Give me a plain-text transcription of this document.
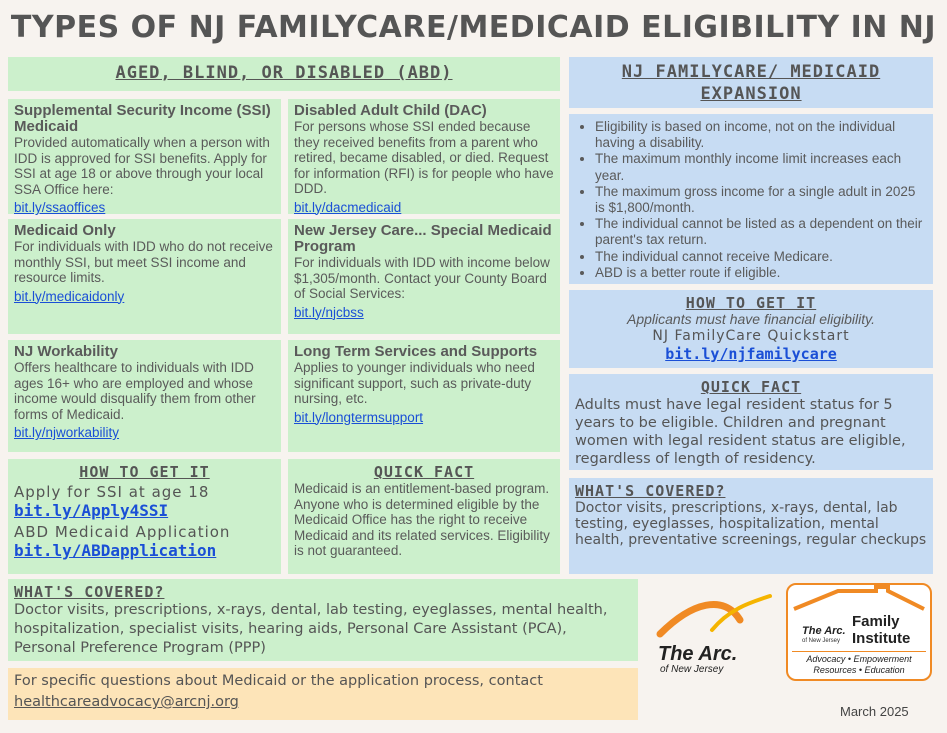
TYPES OF NJ FAMILYCARE/MEDICAID ELIGIBILITY IN NJ
AGED, BLIND, OR DISABLED (ABD)
Supplemental Security Income (SSI) Medicaid
Provided automatically when a person with IDD is approved for SSI benefits. Apply for SSI at age 18 or above through your local SSA Office here:
bit.ly/ssaoffices
Disabled Adult Child (DAC)
For persons whose SSI ended because they received benefits from a parent who retired, became disabled, or died. Request for information (RFI) is for people who have DDD.
bit.ly/dacmedicaid
Medicaid Only
For individuals with IDD who do not receive monthly SSI, but meet SSI income and resource limits.
bit.ly/medicaidonly
New Jersey Care... Special Medicaid Program
For individuals with IDD with income below $1,305/month. Contact your County Board of Social Services:
bit.ly/njcbss
NJ Workability
Offers healthcare to individuals with IDD ages 16+ who are employed and whose income would disqualify them from other forms of Medicaid.
bit.ly/njworkability
Long Term Services and Supports
Applies to younger individuals who need significant support, such as private-duty nursing, etc.
bit.ly/longtermsupport
HOW TO GET IT
Apply for SSI at age 18
bit.ly/Apply4SSI
ABD Medicaid Application
bit.ly/ABDapplication
QUICK FACT
Medicaid is an entitlement-based program. Anyone who is determined eligible by the Medicaid Office has the right to receive Medicaid and its related services. Eligibility is not guaranteed.
WHAT'S COVERED?
Doctor visits, prescriptions, x-rays, dental, lab testing, eyeglasses, mental health, hospitalization, specialist visits, hearing aids, Personal Care Assistant (PCA), Personal Preference Program (PPP)
For specific questions about Medicaid or the application process, contact
healthcareadvocacy@arcnj.org
NJ FAMILYCARE/ MEDICAID
EXPANSION
• Eligibility is based on income, not on the individual having a disability.
• The maximum monthly income limit increases each year.
• The maximum gross income for a single adult in 2025 is $1,800/month.
• The individual cannot be listed as a dependent on their parent's tax return.
• The individual cannot receive Medicare.
• ABD is a better route if eligible.
HOW TO GET IT
Applicants must have financial eligibility.
NJ FamilyCare Quickstart
bit.ly/njfamilycare
QUICK FACT
Adults must have legal resident status for 5 years to be eligible. Children and pregnant women with legal resident status are eligible, regardless of length of residency.
WHAT'S COVERED?
Doctor visits, prescriptions, x-rays, dental, lab testing, eyeglasses, hospitalization, mental health, preventative screenings, regular checkups
The Arc.
of New Jersey
The Arc.
of New Jersey
Family
Institute
Advocacy • Empowerment
Resources • Education
March 2025
